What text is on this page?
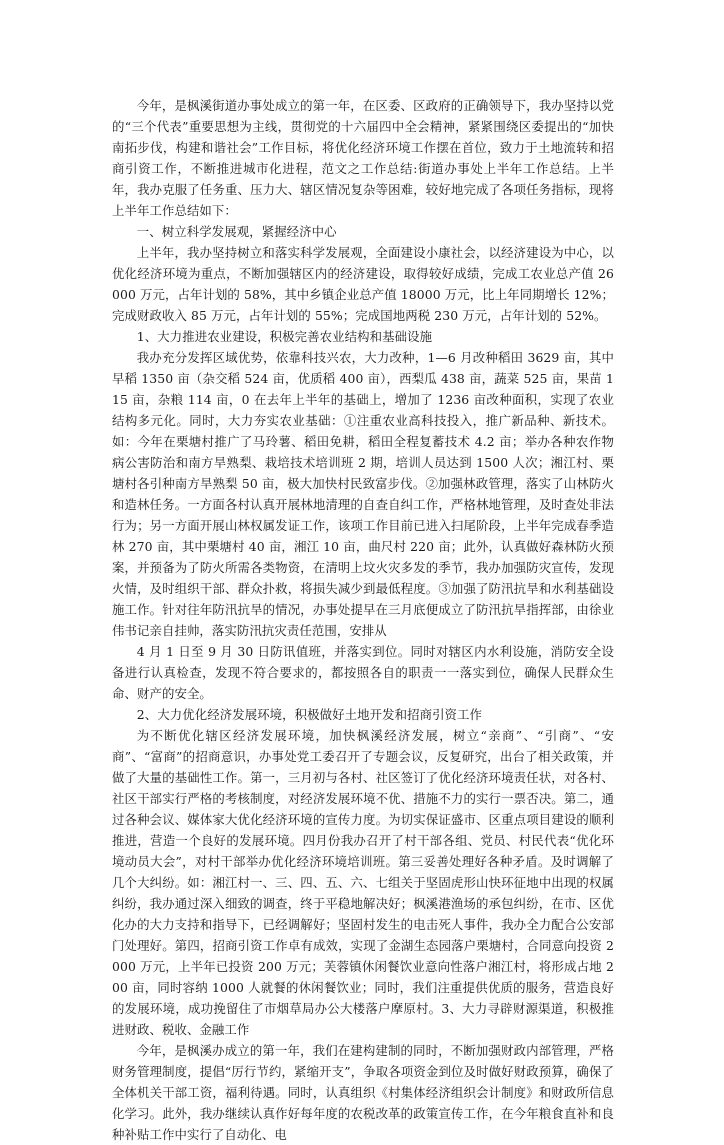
今年，是枫溪街道办事处成立的第一年，在区委、区政府的正确领导下，我办坚持以党的“三个代表”重要思想为主线，贯彻党的十六届四中全会精神，紧紧围绕区委提出的“加快南拓步伐，构建和谐社会”工作目标，将优化经济环境工作摆在首位，致力于土地流转和招商引资工作，不断推进城市化进程，范文之工作总结:街道办事处上半年工作总结。上半年，我办克服了任务重、压力大、辖区情况复杂等困难，较好地完成了各项任务指标，现将上半年工作总结如下：

一、树立科学发展观，紧握经济中心

上半年，我办坚持树立和落实科学发展观，全面建设小康社会，以经济建设为中心，以优化经济环境为重点，不断加强辖区内的经济建设，取得较好成绩，完成工农业总产值 26000 万元，占年计划的 58%，其中乡镇企业总产值 18000 万元，比上年同期增长 12%；完成财政收入 85 万元，占年计划的 55%；完成国地两税 230 万元，占年计划的 52%。

1、大力推进农业建设，积极完善农业结构和基础设施

我办充分发挥区域优势，依靠科技兴农，大力改种，1—6 月改种稻田 3629 亩，其中早稻 1350 亩（杂交稻 524 亩，优质稻 400 亩），西梨瓜 438 亩，蔬菜 525 亩，果苗 115 亩，杂粮 114 亩，0 在去年上半年的基础上，增加了 1236 亩改种面积，实现了农业结构多元化。同时，大力夯实农业基础：①注重农业高科技投入，推广新品种、新技术。如：今年在栗塘村推广了马玲薯、稻田免耕，稻田全程复蓄技术 4.2 亩；举办各种农作物病公害防治和南方旱熟梨、栽培技术培训班 2 期，培训人员达到 1500 人次；湘江村、栗塘村各引种南方旱熟梨 50 亩，极大加快村民致富步伐。②加强林政管理，落实了山林防火和造林任务。一方面各村认真开展林地清理的自查自纠工作，严格林地管理，及时查处非法行为；另一方面开展山林权属发证工作，该项工作目前已进入扫尾阶段，上半年完成春季造林 270 亩，其中栗塘村 40 亩，湘江 10 亩，曲尺村 220 亩；此外，认真做好森林防火预案，并预备为了防火所需各类物资，在清明上坟火灾多发的季节，我办加强防灾宣传，发现火情，及时组织干部、群众扑救，将损失减少到最低程度。③加强了防汛抗旱和水利基础设施工作。针对往年防汛抗旱的情况，办事处提早在三月底便成立了防汛抗旱指挥部，由徐业伟书记亲自挂帅，落实防汛抗灾责任范围，安排从

4 月 1 日至 9 月 30 日防讯值班，并落实到位。同时对辖区内水利设施，消防安全设备进行认真检查，发现不符合要求的，都按照各自的职责一一落实到位，确保人民群众生命、财产的安全。

2、大力优化经济发展环境，积极做好土地开发和招商引资工作

为不断优化辖区经济发展环境，加快枫溪经济发展，树立“亲商”、“引商”、“安商”、“富商”的招商意识，办事处党工委召开了专题会议，反复研究，出台了相关政策，并做了大量的基础性工作。第一，三月初与各村、社区签订了优化经济环境责任状，对各村、社区干部实行严格的考核制度，对经济发展环境不优、措施不力的实行一票否决。第二，通过各种会议、媒体家大优化经济环境的宣传力度。为切实保证盛市、区重点项目建设的顺利推进，营造一个良好的发展环境。四月份我办召开了村干部各组、党员、村民代表“优化环境动员大会”，对村干部举办优化经济环境培训班。第三妥善处理好各种矛盾。及时调解了几个大纠纷。如：湘江村一、三、四、五、六、七组关于坚固虎形山快环征地中出现的权属纠纷，我办通过深入细致的调查，终于平稳地解决好；枫溪港渔场的承包纠纷，在市、区优化办的大力支持和指导下，已经调解好；坚固村发生的电击死人事件，我办全力配合公安部门处理好。第四，招商引资工作卓有成效，实现了金湖生态园落户栗塘村，合同意向投资 2000 万元，上半年已投资 200 万元；芙蓉镇休闲餐饮业意向性落户湘江村，将形成占地 200 亩，同时容纳 1000 人就餐的休闲餐饮业；同时，我们注重提供优质的服务，营造良好的发展环境，成功挽留住了市烟草局办公大楼落户摩原村。3、大力寻辟财源渠道，积极推进财政、税收、金融工作

今年，是枫溪办成立的第一年，我们在建构建制的同时，不断加强财政内部管理，严格财务管理制度，提倡“厉行节约，紧缩开支”，争取各项资金到位及时做好财政预算，确保了全体机关干部工资，福利待遇。同时，认真组织《村集体经济组织会计制度》和财政所信息化学习。此外，我办继续认真作好每年度的农税改革的政策宣传工作，在今年粮食直补和良种补贴工作中实行了自动化、电
